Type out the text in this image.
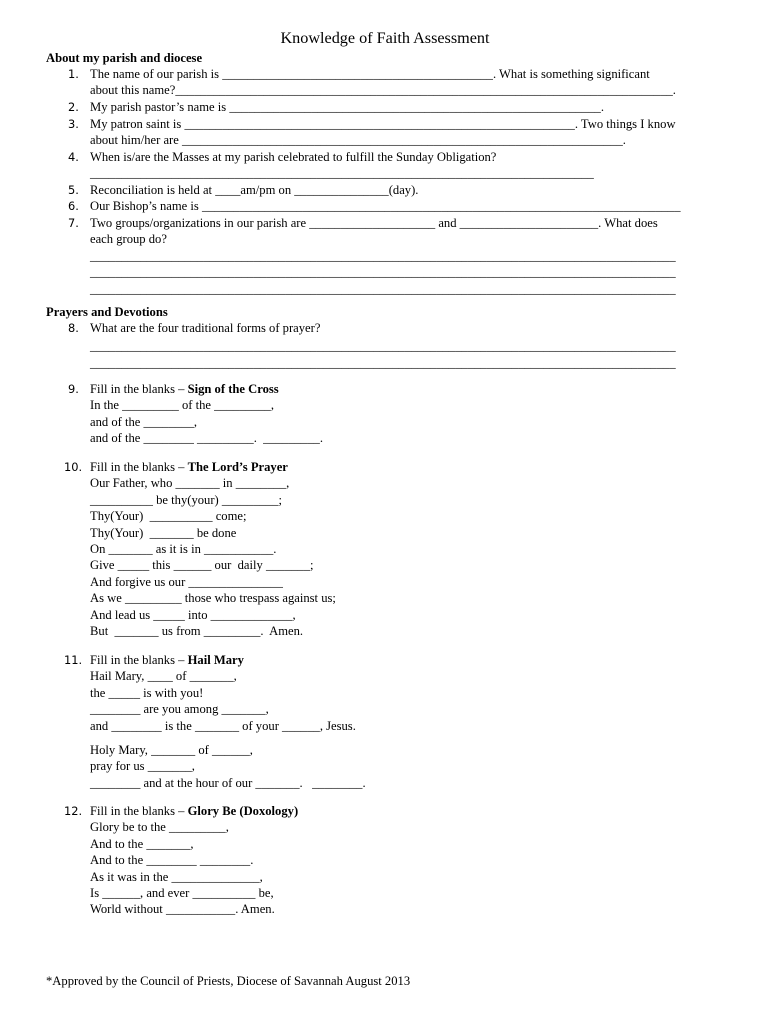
Knowledge of Faith Assessment
About my parish and diocese
1. The name of our parish is ___________________________________________. What is something significant
about this name?_______________________________________________________________________________.
2. My parish pastor’s name is ___________________________________________________________.
3. My patron saint is ______________________________________________________________. Two things I know
about him/her are ______________________________________________________________________.
4. When is/are the Masses at my parish celebrated to fulfill the Sunday Obligation?
________________________________________________________________________________
5. Reconciliation is held at ____am/pm on _______________(day).
6. Our Bishop’s name is ____________________________________________________________________________
7. Two groups/organizations in our parish are ____________________ and ______________________. What does
each group do?
_____________________________________________________________________________________________
_____________________________________________________________________________________________
_____________________________________________________________________________________________
Prayers and Devotions
8. What are the four traditional forms of prayer?
_____________________________________________________________________________________________
_____________________________________________________________________________________________
9. Fill in the blanks – Sign of the Cross
In the _________ of the _________,
and of the ________,
and of the ________ _________.  _________.
10. Fill in the blanks – The Lord’s Prayer
Our Father, who _______ in ________,
__________ be thy(your) _________;
Thy(Your)  __________ come;
Thy(Your)  _______ be done
On _______ as it is in ___________.
Give _____ this ______ our  daily _______;
And forgive us our _______________
As we _________ those who trespass against us;
And lead us _____ into _____________,
But  _______ us from _________.  Amen.
11. Fill in the blanks – Hail Mary
Hail Mary, ____ of _______,
the _____ is with you!
________ are you among _______,
and ________ is the _______ of your ______, Jesus.
Holy Mary, _______ of ______,
pray for us _______,
________ and at the hour of our _______.   ________.
12. Fill in the blanks – Glory Be (Doxology)
Glory be to the _________,
And to the _______,
And to the ________ ________.
As it was in the ______________,
Is ______, and ever __________ be,
World without ___________. Amen.
*Approved by the Council of Priests, Diocese of Savannah August 2013
